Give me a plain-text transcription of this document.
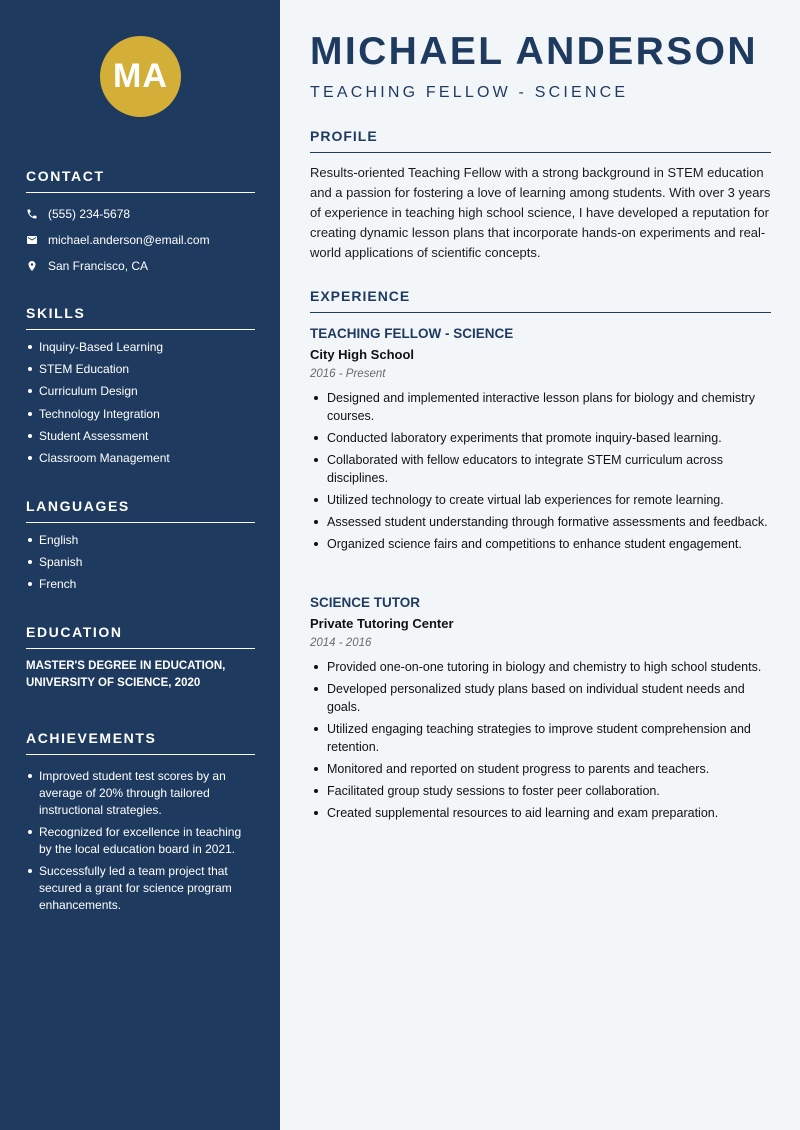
MA
CONTACT
(555) 234-5678
michael.anderson@email.com
San Francisco, CA
SKILLS
Inquiry-Based Learning
STEM Education
Curriculum Design
Technology Integration
Student Assessment
Classroom Management
LANGUAGES
English
Spanish
French
EDUCATION
MASTER'S DEGREE IN EDUCATION, UNIVERSITY OF SCIENCE, 2020
ACHIEVEMENTS
Improved student test scores by an average of 20% through tailored instructional strategies.
Recognized for excellence in teaching by the local education board in 2021.
Successfully led a team project that secured a grant for science program enhancements.
MICHAEL ANDERSON
TEACHING FELLOW - SCIENCE
PROFILE
Results-oriented Teaching Fellow with a strong background in STEM education and a passion for fostering a love of learning among students. With over 3 years of experience in teaching high school science, I have developed a reputation for creating dynamic lesson plans that incorporate hands-on experiments and real-world applications of scientific concepts.
EXPERIENCE
TEACHING FELLOW - SCIENCE
City High School
2016 - Present
Designed and implemented interactive lesson plans for biology and chemistry courses.
Conducted laboratory experiments that promote inquiry-based learning.
Collaborated with fellow educators to integrate STEM curriculum across disciplines.
Utilized technology to create virtual lab experiences for remote learning.
Assessed student understanding through formative assessments and feedback.
Organized science fairs and competitions to enhance student engagement.
SCIENCE TUTOR
Private Tutoring Center
2014 - 2016
Provided one-on-one tutoring in biology and chemistry to high school students.
Developed personalized study plans based on individual student needs and goals.
Utilized engaging teaching strategies to improve student comprehension and retention.
Monitored and reported on student progress to parents and teachers.
Facilitated group study sessions to foster peer collaboration.
Created supplemental resources to aid learning and exam preparation.
